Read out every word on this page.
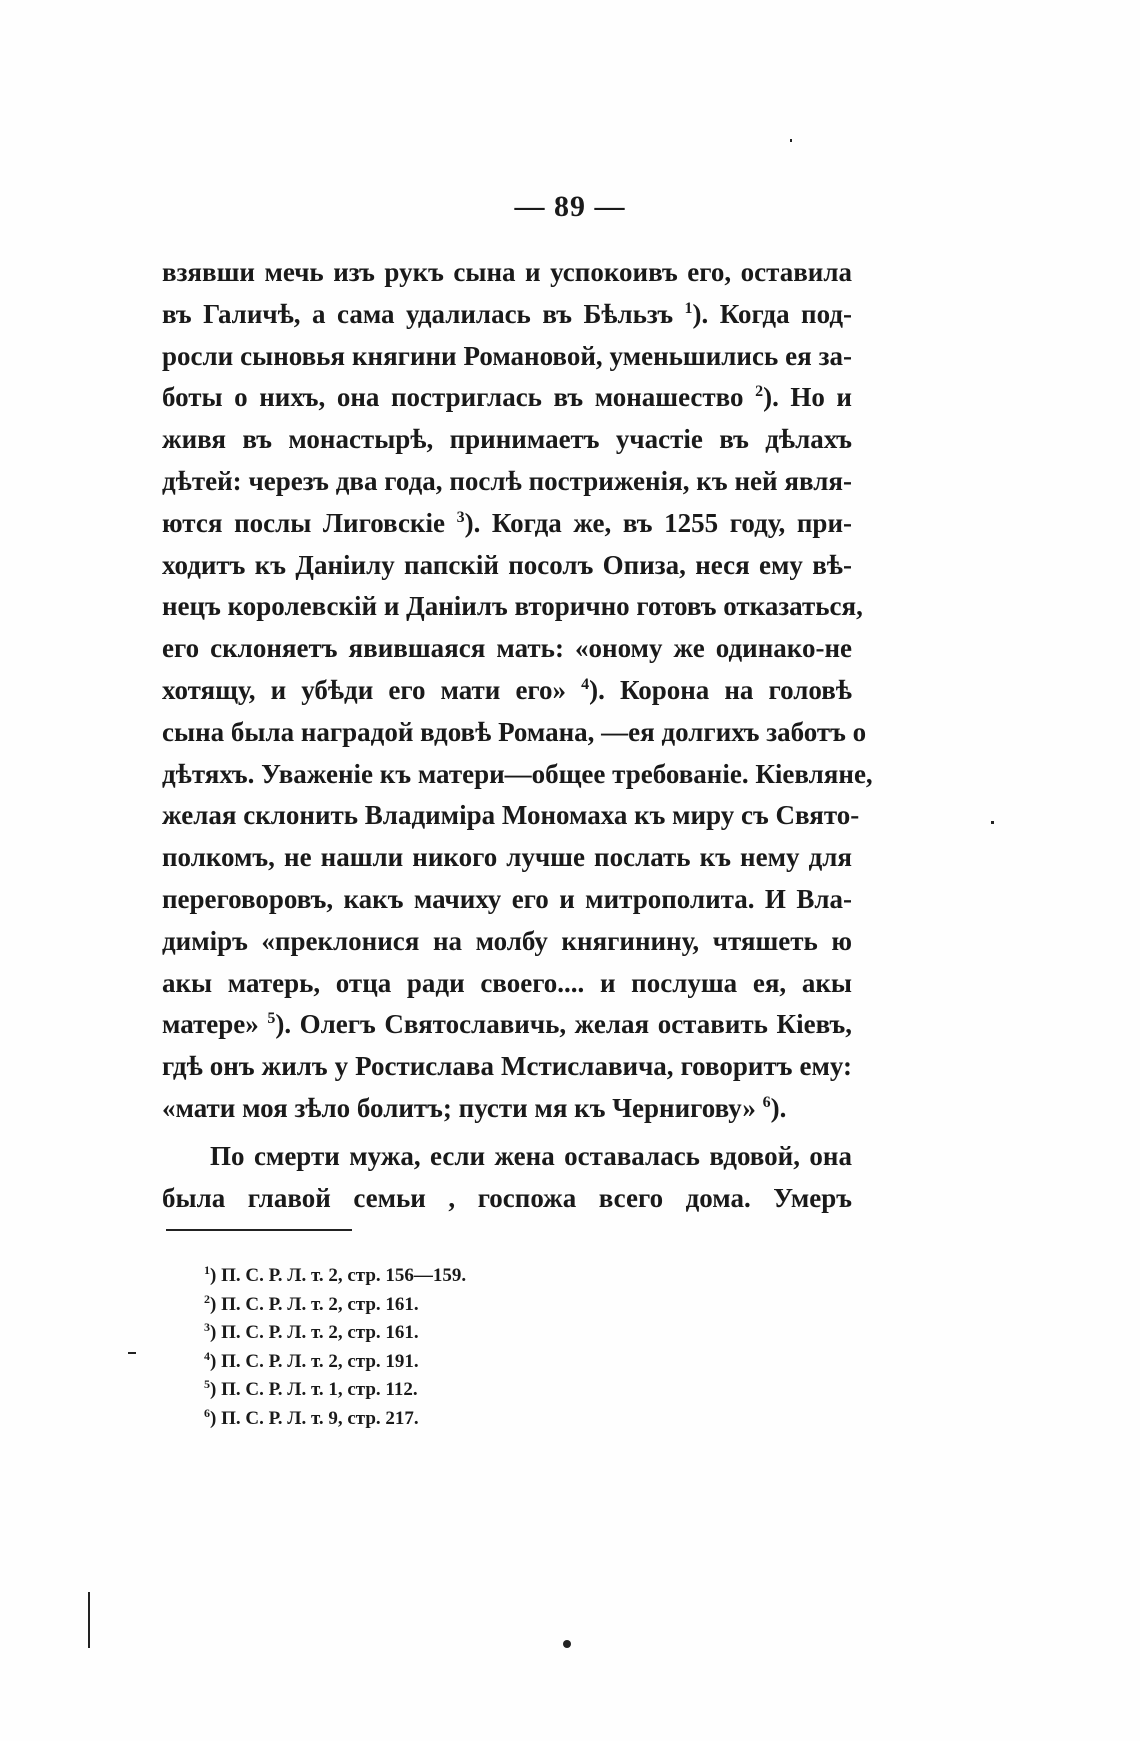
— 89 —
взявши мечь изъ рукъ сына и успокоивъ его, оставила
въ Галичѣ, а сама удалилась въ Бѣльзъ $^1$). Когда под-
росли сыновья княгини Романовой, уменьшились ея за-
боты о нихъ, она постриглась въ монашество $^2$). Но и
живя въ монастырѣ, принимаетъ участіе въ дѣлахъ
дѣтей: черезъ два года, послѣ постриженія, къ ней явля-
ются послы Лиговскіе $^3$). Когда же, въ 1255 году, при-
ходитъ къ Даніилу папскій посолъ Опиза, неся ему вѣ-
нецъ королевскій и Даніилъ вторично готовъ отказаться,
его склоняетъ явившаяся мать: «оному же одинако-не
хотящу, и убѣди его мати его» $^4$). Корона на головѣ
сына была наградой вдовѣ Романа, —ея долгихъ заботъ о
дѣтяхъ. Уваженіе къ матери—общее требованіе. Кіевляне,
желая склонить Владиміра Мономаха къ миру съ Свято-
полкомъ, не нашли никого лучше послать къ нему для
переговоровъ, какъ мачиху его и митрополита. И Вла-
диміръ «преклонися на молбу княгинину, чтяшеть ю
акы матерь, отца ради своего.... и послуша ея, акы
матере» $^5$). Олегъ Святославичь, желая оставить Кіевъ,
гдѣ онъ жилъ у Ростислава Мстиславича, говоритъ ему:
«мати моя зѣло болитъ; пусти мя къ Чернигову» $^6$).
По смерти мужа, если жена оставалась вдовой, она
была главой семьи , госпожа всего дома. Умеръ
$^1$) П. С. Р. Л. т. 2, стр. 156—159.
$^2$) П. С. Р. Л. т. 2, стр. 161.
$^3$) П. С. Р. Л. т. 2, стр. 161.
$^4$) П. С. Р. Л. т. 2, стр. 191.
$^5$) П. С. Р. Л. т. 1, стр. 112.
$^6$) П. С. Р. Л. т. 9, стр. 217.
